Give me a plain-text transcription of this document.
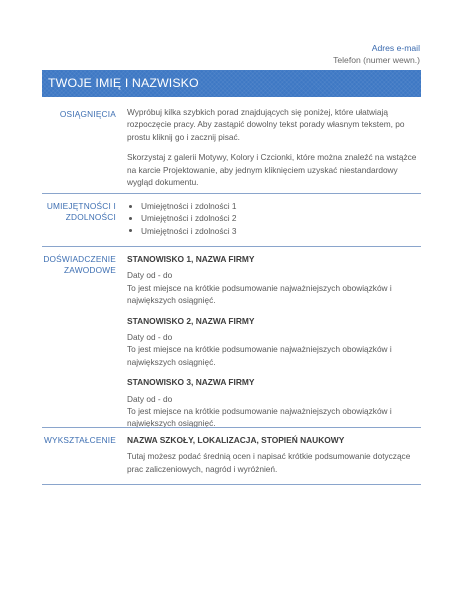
Adres e-mail
Telefon (numer wewn.)
TWOJE IMIĘ I NAZWISKO
OSIĄGNIĘCIA Wypróbuj kilka szybkich porad znajdujących się poniżej, które ułatwiają rozpoczęcie pracy. Aby zastąpić dowolny tekst porady własnym tekstem, po prostu kliknij go i zacznij pisać.

Skorzystaj z galerii Motywy, Kolory i Czcionki, które można znaleźć na wstążce na karcie Projektowanie, aby jednym kliknięciem uzyskać niestandardowy wygląd dokumentu.

UMIEJĘTNOŚCI I
ZDOLNOŚCI
Umiejętności i zdolności 1
Umiejętności i zdolności 2
Umiejętności i zdolności 3
DOŚWIADCZENIE
ZAWODOWE
STANOWISKO 1, NAZWA FIRMY

Daty od - do

To jest miejsce na krótkie podsumowanie najważniejszych obowiązków i największych osiągnięć.

STANOWISKO 2, NAZWA FIRMY

Daty od - do

To jest miejsce na krótkie podsumowanie najważniejszych obowiązków i największych osiągnięć.

STANOWISKO 3, NAZWA FIRMY

Daty od - do

To jest miejsce na krótkie podsumowanie najważniejszych obowiązków i największych osiągnięć.

WYKSZTAŁCENIE NAZWA SZKOŁY, LOKALIZACJA, STOPIEŃ NAUKOWY

Tutaj możesz podać średnią ocen i napisać krótkie podsumowanie dotyczące prac zaliczeniowych, nagród i wyróżnień.
